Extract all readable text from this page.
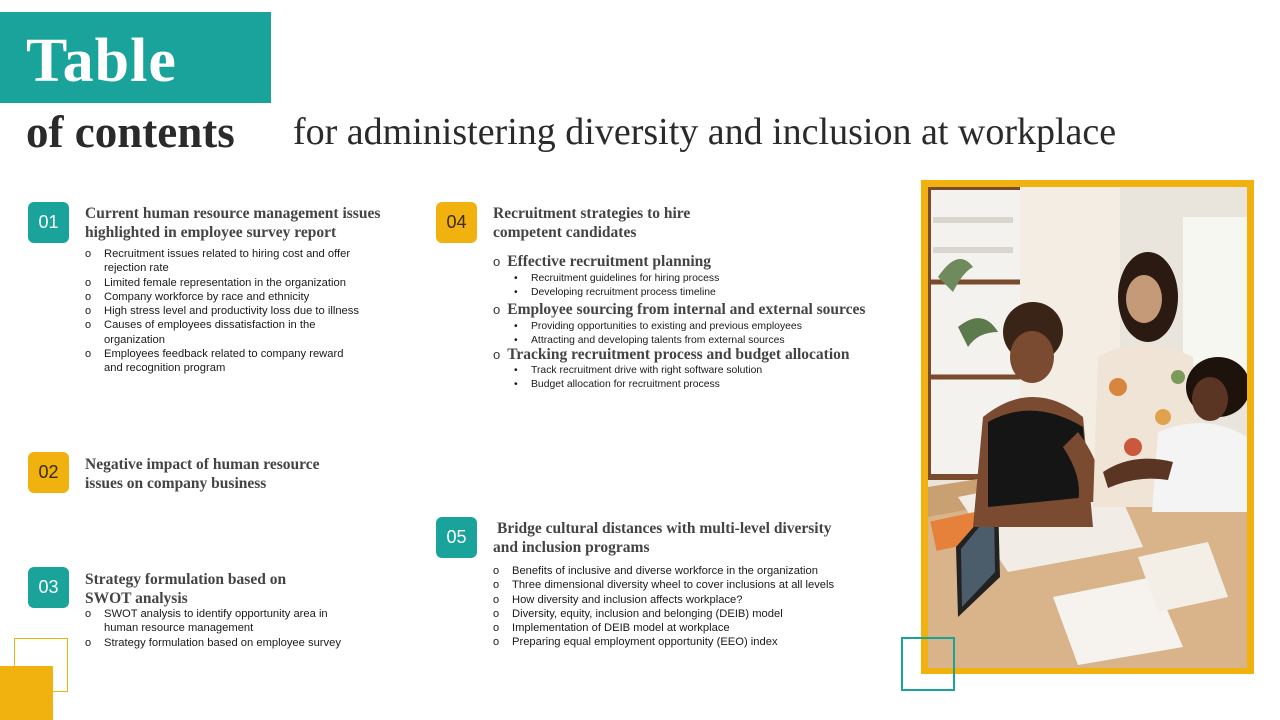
Table
of contents for administering diversity and inclusion at workplace
01	Current human resource management issues
highlighted in employee survey report
o Recruitment issues related to hiring cost and offer
rejection rate
o Limited female representation in the organization
o Company workforce by race and ethnicity
o High stress level and productivity loss due to illness
o Causes of employees dissatisfaction in the
organization
o Employees feedback related to company reward
and recognition program
02	Negative impact of human resource
issues on company business
03	Strategy formulation based on
SWOT analysis
o SWOT analysis to identify opportunity area in
human resource management
o Strategy formulation based on employee survey
04	Recruitment strategies to hire
competent candidates
o Effective recruitment planning
• Recruitment guidelines for hiring process
• Developing recruitment process timeline
o Employee sourcing from internal and external sources
• Providing opportunities to existing and previous employees
• Attracting and developing talents from external sources
o Tracking recruitment process and budget allocation
• Track recruitment drive with right software solution
• Budget allocation for recruitment process
05	Bridge cultural distances with multi-level diversity
and inclusion programs
o Benefits of inclusive and diverse workforce in the organization
o Three dimensional diversity wheel to cover inclusions at all levels
o How diversity and inclusion affects workplace?
o Diversity, equity, inclusion and belonging (DEIB) model
o Implementation of DEIB model at workplace
o Preparing equal employment opportunity (EEO) index
